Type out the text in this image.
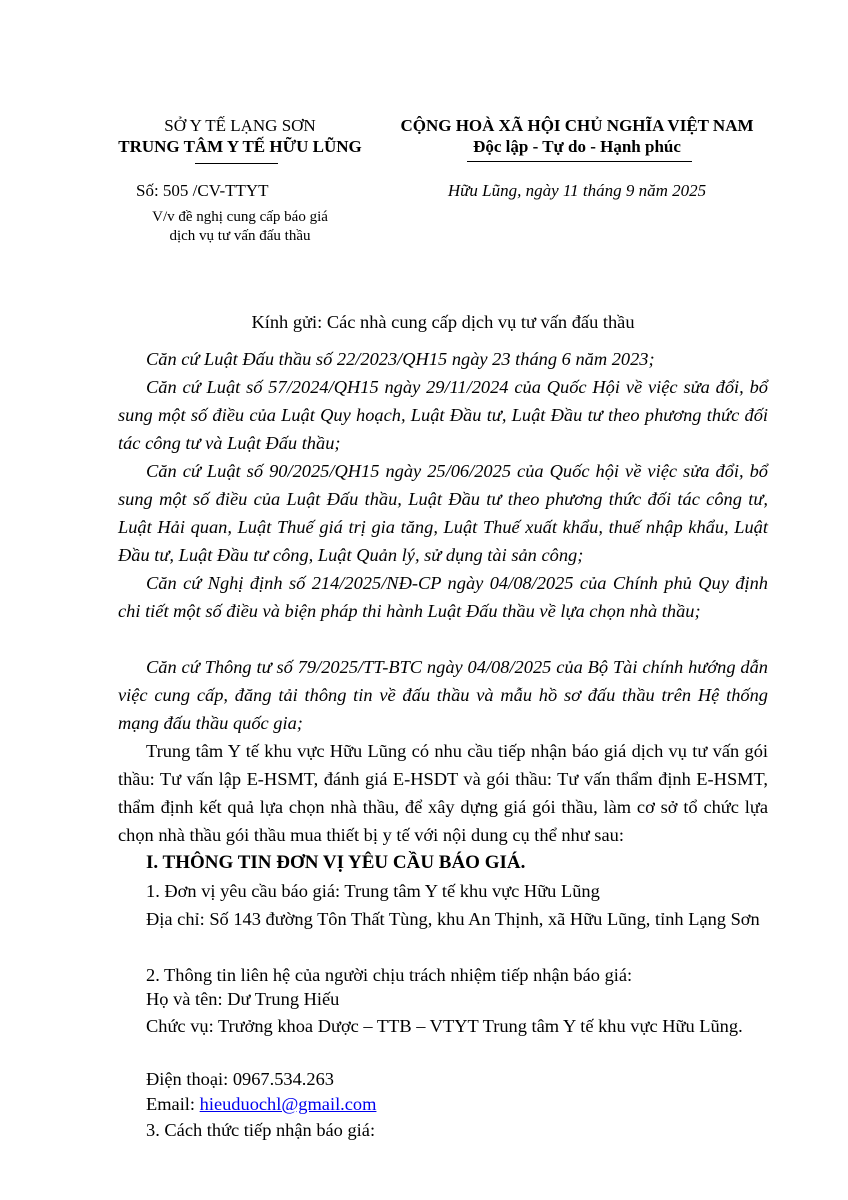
SỞ Y TẾ LẠNG SƠN
TRUNG TÂM Y TẾ HỮU LŨNG
Số: 505 /CV-TTYT
V/v đề nghị cung cấp báo giá
dịch vụ tư vấn đấu thầu
CỘNG HOÀ XÃ HỘI CHỦ NGHĨA VIỆT NAM
Độc lập - Tự do - Hạnh phúc
Hữu Lũng, ngày 11 tháng 9 năm 2025
Kính gửi: Các nhà cung cấp dịch vụ tư vấn đấu thầu
Căn cứ Luật Đấu thầu số 22/2023/QH15 ngày 23 tháng 6 năm 2023;
Căn cứ Luật số 57/2024/QH15 ngày 29/11/2024 của Quốc Hội về việc sửa đổi, bổ sung một số điều của Luật Quy hoạch, Luật Đầu tư, Luật Đầu tư theo phương thức đối tác công tư và Luật Đấu thầu;
Căn cứ Luật số 90/2025/QH15 ngày 25/06/2025 của Quốc hội về việc sửa đổi, bổ sung một số điều của Luật Đấu thầu, Luật Đầu tư theo phương thức đối tác công tư, Luật Hải quan, Luật Thuế giá trị gia tăng, Luật Thuế xuất khẩu, thuế nhập khẩu, Luật Đầu tư, Luật Đầu tư công, Luật Quản lý, sử dụng tài sản công;
Căn cứ Nghị định số 214/2025/NĐ-CP ngày 04/08/2025 của Chính phủ Quy định chi tiết một số điều và biện pháp thi hành Luật Đấu thầu về lựa chọn nhà thầu;
Căn cứ Thông tư số 79/2025/TT-BTC ngày 04/08/2025 của Bộ Tài chính hướng dẫn việc cung cấp, đăng tải thông tin về đấu thầu và mẫu hồ sơ đấu thầu trên Hệ thống mạng đấu thầu quốc gia;
Trung tâm Y tế khu vực Hữu Lũng có nhu cầu tiếp nhận báo giá dịch vụ tư vấn gói thầu: Tư vấn lập E-HSMT, đánh giá E-HSDT và gói thầu: Tư vấn thẩm định E-HSMT, thẩm định kết quả lựa chọn nhà thầu, để xây dựng giá gói thầu, làm cơ sở tổ chức lựa chọn nhà thầu gói thầu mua thiết bị y tế với nội dung cụ thể như sau:
I. THÔNG TIN ĐƠN VỊ YÊU CẦU BÁO GIÁ.
1. Đơn vị yêu cầu báo giá: Trung tâm Y tế khu vực Hữu Lũng
Địa chỉ: Số 143 đường Tôn Thất Tùng, khu An Thịnh, xã Hữu Lũng, tỉnh Lạng Sơn
2. Thông tin liên hệ của người chịu trách nhiệm tiếp nhận báo giá:
Họ và tên: Dư Trung Hiếu
Chức vụ: Trưởng khoa Dược – TTB – VTYT Trung tâm Y tế khu vực Hữu Lũng.
Điện thoại: 0967.534.263
Email: hieuduochl@gmail.com
3. Cách thức tiếp nhận báo giá:
